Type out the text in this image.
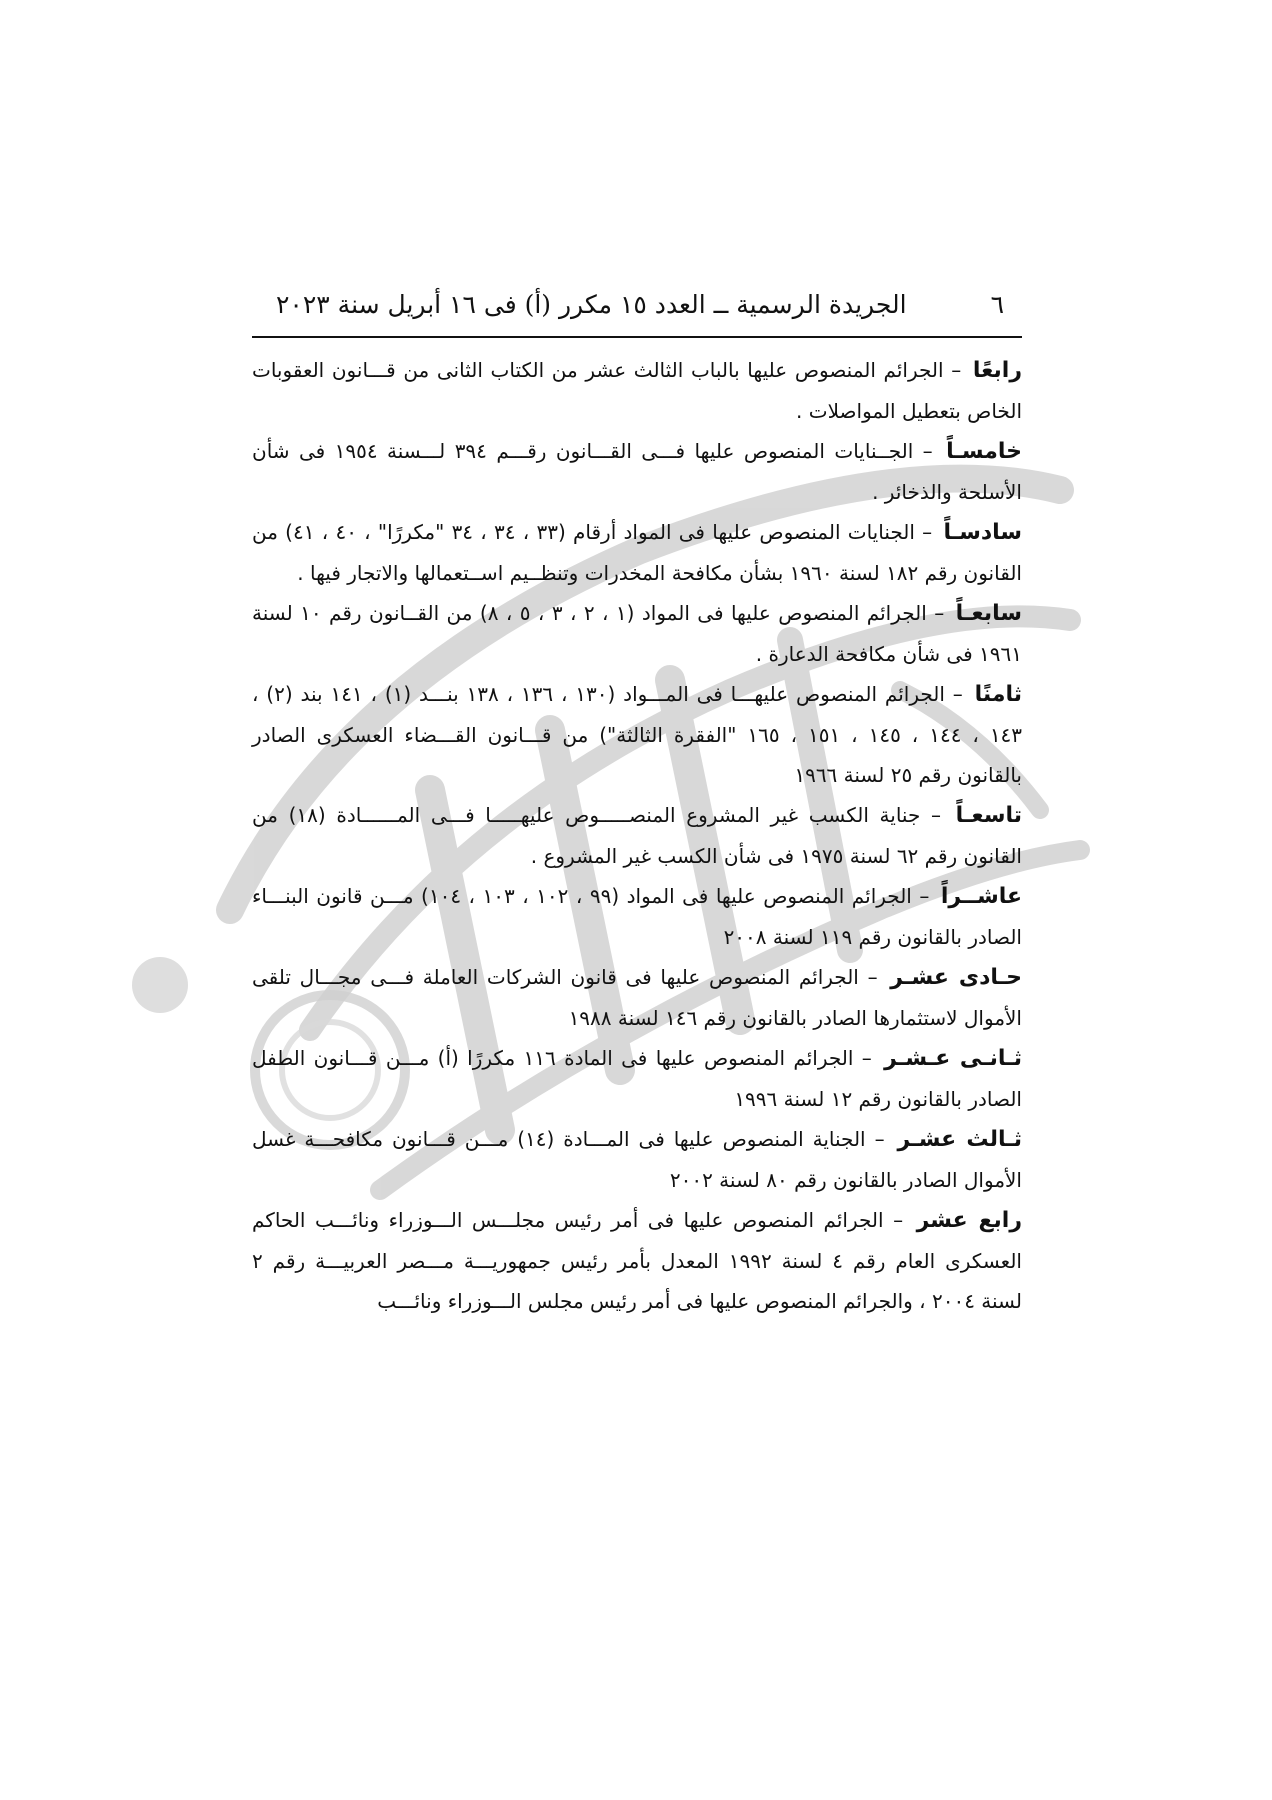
٦
الجريدة الرسمية ــ العدد ١٥ مكرر (أ) فى ١٦ أبريل سنة ٢٠٢٣

رابعًا – الجرائم المنصوص عليها بالباب الثالث عشر من الكتاب الثانى من قـــانون العقوبات الخاص بتعطيل المواصلات .

خامسـاً – الجــنايات المنصوص عليها فـــى القـــانون رقـــم ٣٩٤ لـــسنة ١٩٥٤ فى شأن الأسلحة والذخائر .

سادسـاً – الجنايات المنصوص عليها فى المواد أرقام (٣٣ ، ٣٤ ، ٣٤ "مكررًا" ، ٤٠ ، ٤١) من القانون رقم ١٨٢ لسنة ١٩٦٠ بشأن مكافحة المخدرات وتنظــيم اســتعمالها والاتجار فيها .

سابعـاً – الجرائم المنصوص عليها فى المواد (١ ، ٢ ، ٣ ، ٥ ، ٨) من القــانون رقم ١٠ لسنة ١٩٦١ فى شأن مكافحة الدعارة .

ثامنًا – الجرائم المنصوص عليهـــا فى المـــواد (١٣٠ ، ١٣٦ ، ١٣٨ بنـــد (١) ، ١٤١ بند (٢) ، ١٤٣ ، ١٤٤ ، ١٤٥ ، ١٥١ ، ١٦٥ "الفقرة الثالثة") من قـــانون القـــضاء العسكرى الصادر بالقانون رقم ٢٥ لسنة ١٩٦٦

تاسعـاً – جناية الكسب غير المشروع المنصـــــوص عليهـــــا فـــى المــــــادة (١٨) من القانون رقم ٦٢ لسنة ١٩٧٥ فى شأن الكسب غير المشروع .

عاشــراً – الجرائم المنصوص عليها فى المواد (٩٩ ، ١٠٢ ، ١٠٣ ، ١٠٤) مـــن قانون البنـــاء الصادر بالقانون رقم ١١٩ لسنة ٢٠٠٨

حـادى عشـر – الجرائم المنصوص عليها فى قانون الشركات العاملة فـــى مجـــال تلقى الأموال لاستثمارها الصادر بالقانون رقم ١٤٦ لسنة ١٩٨٨

ثـانـى عـشـر – الجرائم المنصوص عليها فى المادة ١١٦ مكررًا (أ) مـــن قـــانون الطفل الصادر بالقانون رقم ١٢ لسنة ١٩٩٦

ثـالث عشـر – الجناية المنصوص عليها فى المـــادة (١٤) مـــن قـــانون مكافحـــة غسل الأموال الصادر بالقانون رقم ٨٠ لسنة ٢٠٠٢

رابع عشر – الجرائم المنصوص عليها فى أمر رئيس مجلـــس الـــوزراء ونائـــب الحاكم العسكرى العام رقم ٤ لسنة ١٩٩٢ المعدل بأمر رئيس جمهوريـــة مـــصر العربيـــة رقم ٢ لسنة ٢٠٠٤ ، والجرائم المنصوص عليها فى أمر رئيس مجلس الـــوزراء ونائـــب
